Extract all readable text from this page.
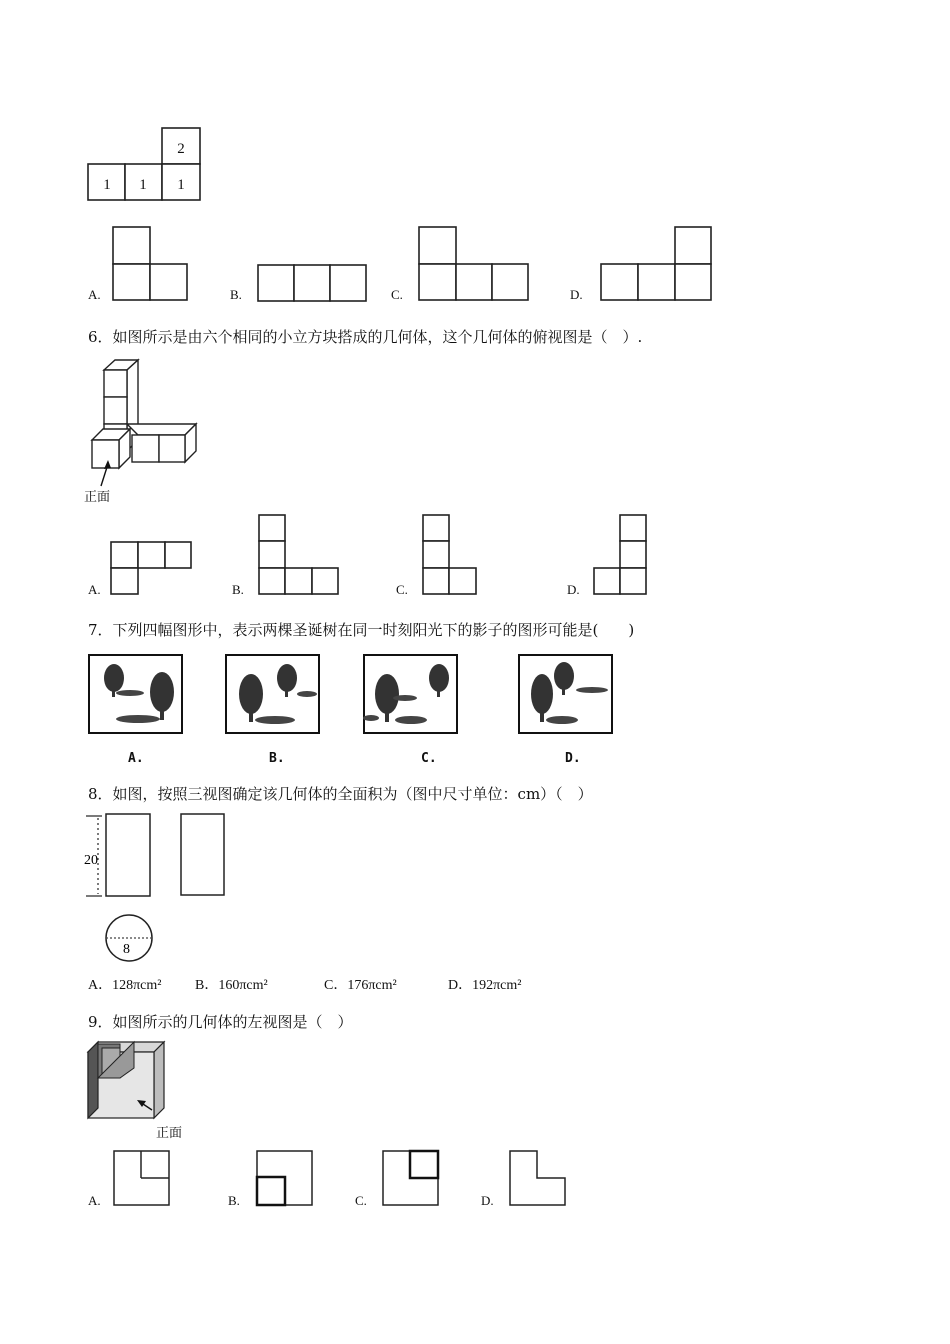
2
1 1 1
A.	B.	C.	D.
6．如图所示是由六个相同的小立方块搭成的几何体，这个几何体的俯视图是（　）.
正面
A.	B.	C.	D.
7．下列四幅图形中，表示两棵圣诞树在同一时刻阳光下的影子的图形可能是(　　)
A.	B.	C.	D.
8．如图，按照三视图确定该几何体的全面积为（图中尺寸单位：cm）（　）
20
8
A．128πcm² B．160πcm²	C．176πcm²	D．192πcm²
9．如图所示的几何体的左视图是（　）
正面
A.	B.	C.	D.
